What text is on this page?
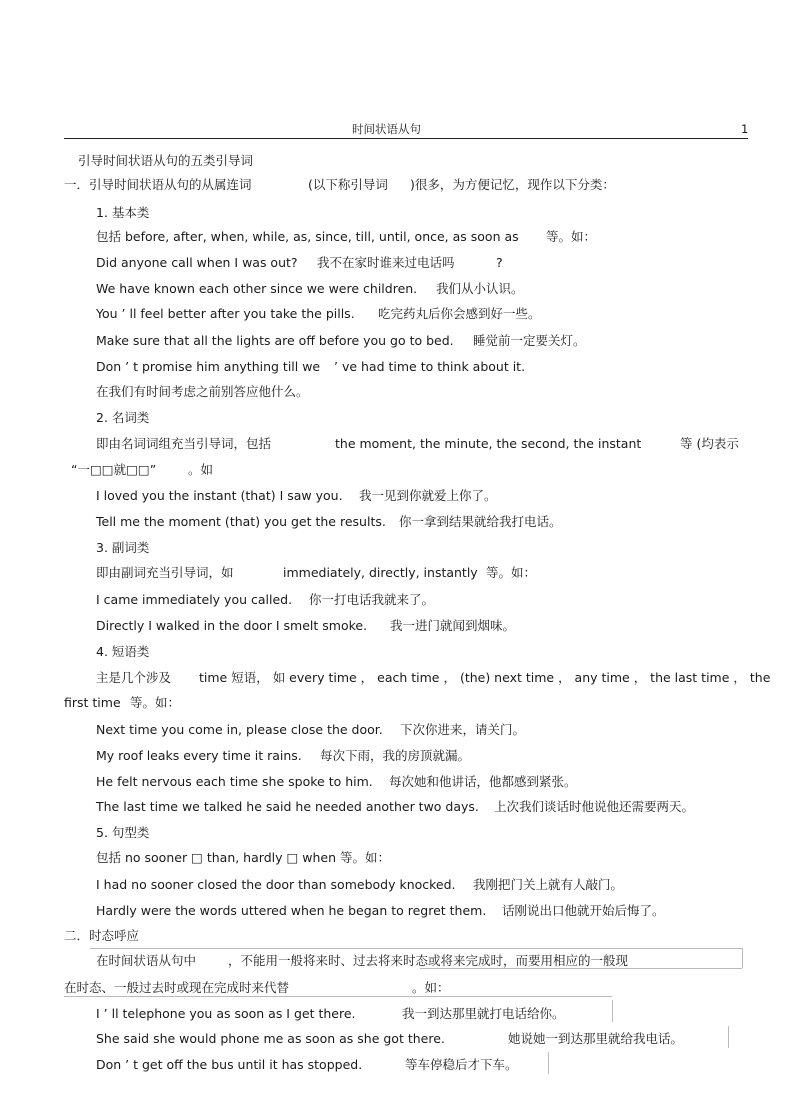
时间状语从句	1
引导时间状语从句的五类引导词
一．引导时间状语从句的从属连词	(以下称引导词 )很多，为方便记忆，现作以下分类：
1. 基本类
包括 before, after, when, while, as, since, till, until, once, as soon as 等。如：
Did anyone call when I was out? 我不在家时谁来过电话吗	?
We have known each other since we were children. 我们从小认识。
You ’ ll feel better after you take the pills. 吃完药丸后你会感到好一些。
Make sure that all the lights are off before you go to bed. 睡觉前一定要关灯。
Don ’ t promise him anything till we ’ ve had time to think about it.
在我们有时间考虑之前别答应他什么。
2. 名词类
即由名词词组充当引导词，包括	the moment, the minute, the second, the instant	等 (均表示
“一□□就□□”	。如
I loved you the instant (that) I saw you. 我一见到你就爱上你了。
Tell me the moment (that) you get the results. 你一拿到结果就给我打电话。
3. 副词类
即由副词充当引导词，如	immediately, directly, instantly 等。如：
I came immediately you called. 你一打电话我就来了。
Directly I walked in the door I smelt smoke. 我一进门就闻到烟味。
4. 短语类
主是几个涉及 time 短语， 如 every time ， each time ， (the) next time ， any time ， the last time ， the
first time 等。如：
Next time you come in, please close the door. 下次你进来，请关门。
My roof leaks every time it rains. 每次下雨，我的房顶就漏。
He felt nervous each time she spoke to him. 每次她和他讲话，他都感到紧张。
The last time we talked he said he needed another two days. 上次我们谈话时他说他还需要两天。
5. 句型类
包括 no sooner □ than, hardly □ when 等。如：
I had no sooner closed the door than somebody knocked. 我刚把门关上就有人敲门。
Hardly were the words uttered when he began to regret them. 话刚说出口他就开始后悔了。
二．时态呼应
在时间状语从句中	，不能用一般将来时、过去将来时态或将来完成时，而要用相应的一般现
在时态、一般过去时或现在完成时来代替	。如：
I ’ ll telephone you as soon as I get there.	我一到达那里就打电话给你。
She said she would phone me as soon as she got there.	她说她一到达那里就给我电话。
Don ’ t get off the bus until it has stopped.	等车停稳后才下车。
